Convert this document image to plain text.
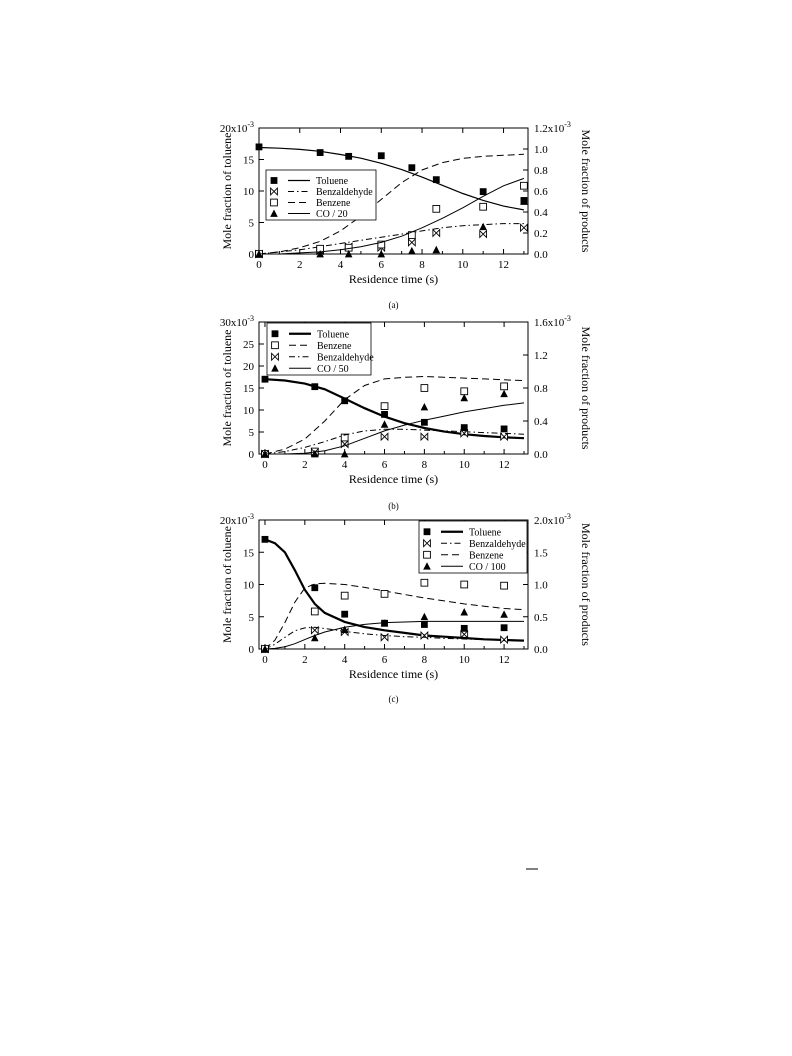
0	2	4	6	8	10	12
0
5
10
15
$20x10^{-3}$
0.0
0.2
0.4
0.6
0.8
1.0
$1.2x10^{-3}$
Residence time (s)
Mole fraction of toluene	Mole fraction of products
(a)
Toluene
Benzaldehyde
Benzene
CO / 20
0	2	4	6	8	10	12
0
5
10
15
20
25
$30x10^{-3}$
0.0
0.4
0.8
1.2
$1.6x10^{-3}$
Residence time (s)
Mole fraction of toluene	Mole fraction of products
(b)
Toluene
Benzene
Benzaldehyde
CO / 50
0	2	4	6	8	10	12
0
5
10
15
$20x10^{-3}$
0.0
0.5
1.0
1.5
$2.0x10^{-3}$
Residence time (s)
Mole fraction of toluene	Mole fraction of products
(c)
Toluene
Benzaldehyde
Benzene
CO / 100
